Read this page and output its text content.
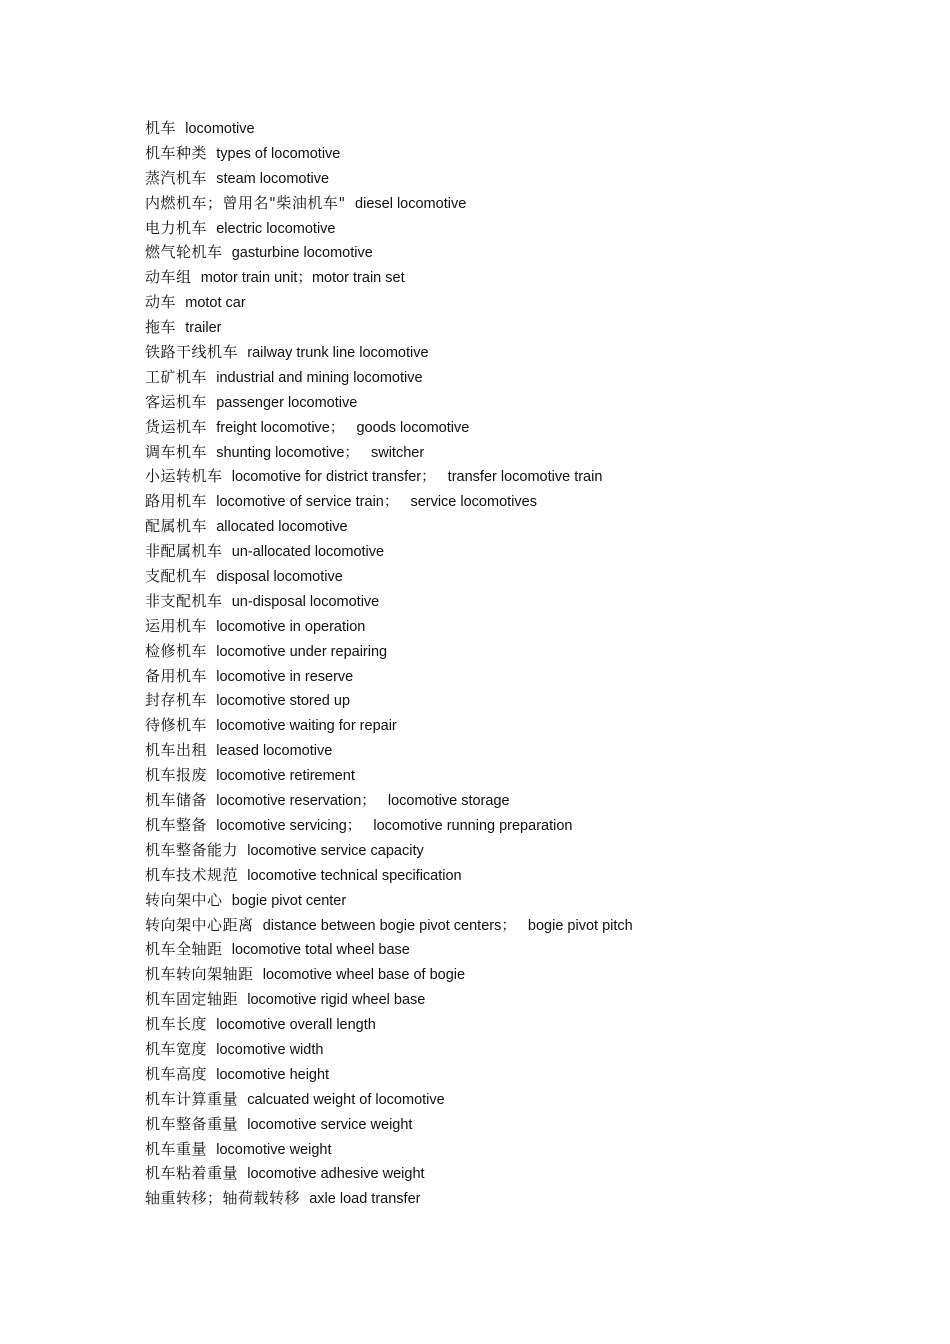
机车 locomotive
机车种类 types of locomotive
蒸汽机车 steam locomotive
内燃机车；曾用名"柴油机车" diesel locomotive
电力机车 electric locomotive
燃气轮机车 gasturbine locomotive
动车组 motor train unit；motor train set
动车 motot car
拖车 trailer
铁路干线机车 railway trunk line locomotive
工矿机车 industrial and mining locomotive
客运机车 passenger locomotive
货运机车 freight locomotive；   goods locomotive
调车机车 shunting locomotive；   switcher
小运转机车 locomotive for district transfer；   transfer locomotive train
路用机车 locomotive of service train；   service locomotives
配属机车 allocated locomotive
非配属机车 un-allocated locomotive
支配机车 disposal locomotive
非支配机车 un-disposal locomotive
运用机车 locomotive in operation
检修机车 locomotive under repairing
备用机车 locomotive in reserve
封存机车 locomotive stored up
待修机车 locomotive waiting for repair
机车出租 leased locomotive
机车报废 locomotive retirement
机车储备 locomotive reservation；   locomotive storage
机车整备 locomotive servicing；   locomotive running preparation
机车整备能力 locomotive service capacity
机车技术规范 locomotive technical specification
转向架中心 bogie pivot center
转向架中心距离 distance between bogie pivot centers；   bogie pivot pitch
机车全轴距 locomotive total wheel base
机车转向架轴距 locomotive wheel base of bogie
机车固定轴距 locomotive rigid wheel base
机车长度 locomotive overall length
机车宽度 locomotive width
机车高度 locomotive height
机车计算重量 calcuated weight of locomotive
机车整备重量 locomotive service weight
机车重量 locomotive weight
机车粘着重量 locomotive adhesive weight
轴重转移；轴荷载转移 axle load transfer
